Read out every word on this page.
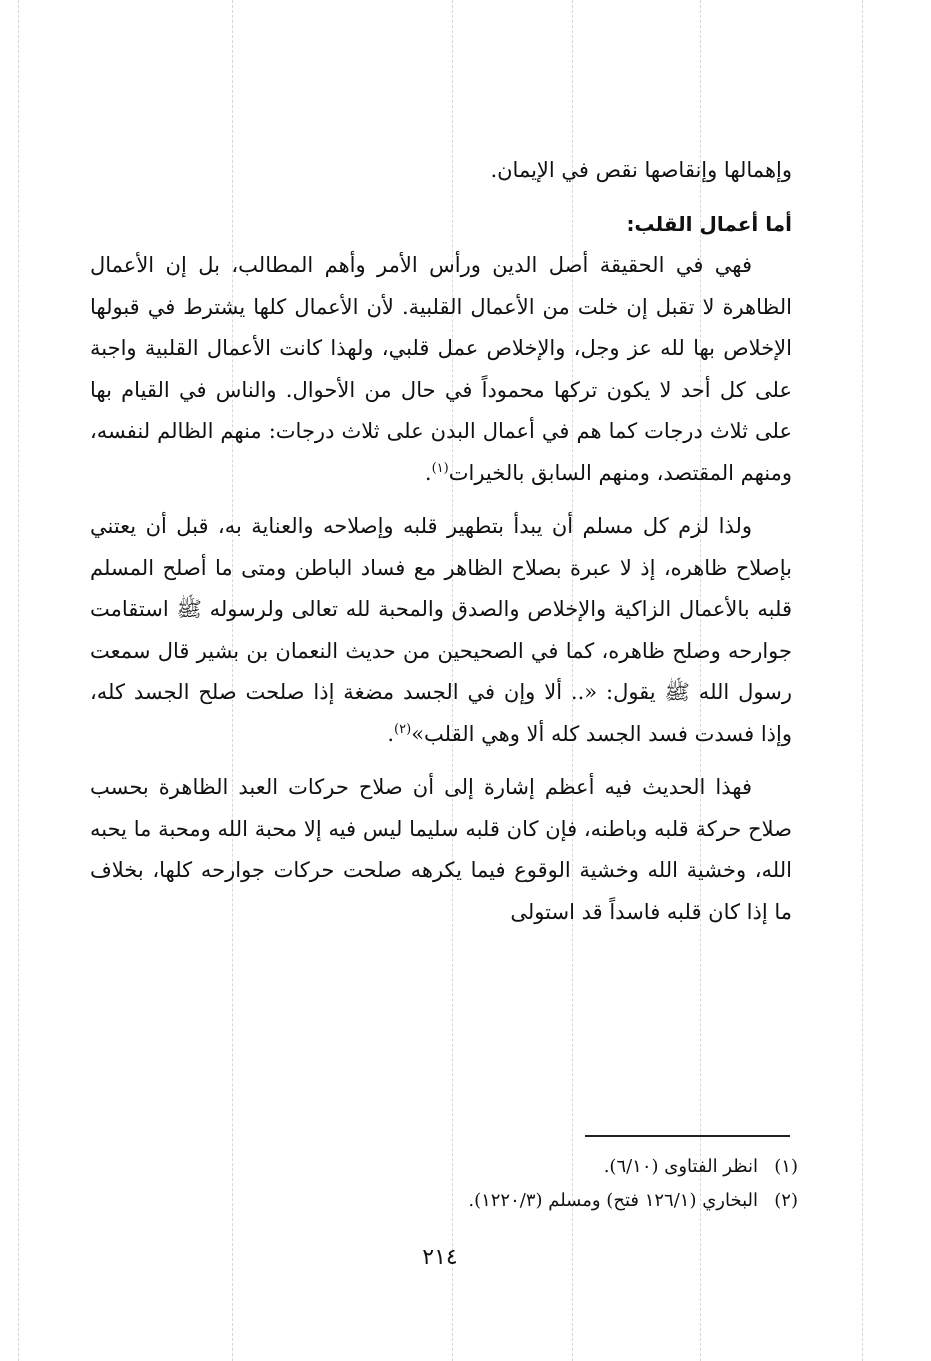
وإهمالها وإنقاصها نقص في الإيمان.

أما أعمال القلب:

فهي في الحقيقة أصل الدين ورأس الأمر وأهم المطالب، بل إن الأعمال الظاهرة لا تقبل إن خلت من الأعمال القلبية. لأن الأعمال كلها يشترط في قبولها الإخلاص بها لله عز وجل، والإخلاص عمل قلبي، ولهذا كانت الأعمال القلبية واجبة على كل أحد لا يكون تركها محموداً في حال من الأحوال. والناس في القيام بها على ثلاث درجات كما هم في أعمال البدن على ثلاث درجات: منهم الظالم لنفسه، ومنهم المقتصد، ومنهم السابق بالخيرات$^{(١)}$.

ولذا لزم كل مسلم أن يبدأ بتطهير قلبه وإصلاحه والعناية به، قبل أن يعتني بإصلاح ظاهره، إذ لا عبرة بصلاح الظاهر مع فساد الباطن ومتى ما أصلح المسلم قلبه بالأعمال الزاكية والإخلاص والصدق والمحبة لله تعالى ولرسوله ﷺ استقامت جوارحه وصلح ظاهره، كما في الصحيحين من حديث النعمان بن بشير قال سمعت رسول الله ﷺ يقول: «.. ألا وإن في الجسد مضغة إذا صلحت صلح الجسد كله، وإذا فسدت فسد الجسد كله ألا وهي القلب»$^{(٢)}$.

فهذا الحديث فيه أعظم إشارة إلى أن صلاح حركات العبد الظاهرة بحسب صلاح حركة قلبه وباطنه، فإن كان قلبه سليما ليس فيه إلا محبة الله ومحبة ما يحبه الله، وخشية الله وخشية الوقوع فيما يكرهه صلحت حركات جوارحه كلها، بخلاف ما إذا كان قلبه فاسداً قد استولى

(١)انظر الفتاوى (٦/١٠).
(٢)البخاري (١٢٦/١ فتح) ومسلم (١٢٢٠/٣).
٢١٤
